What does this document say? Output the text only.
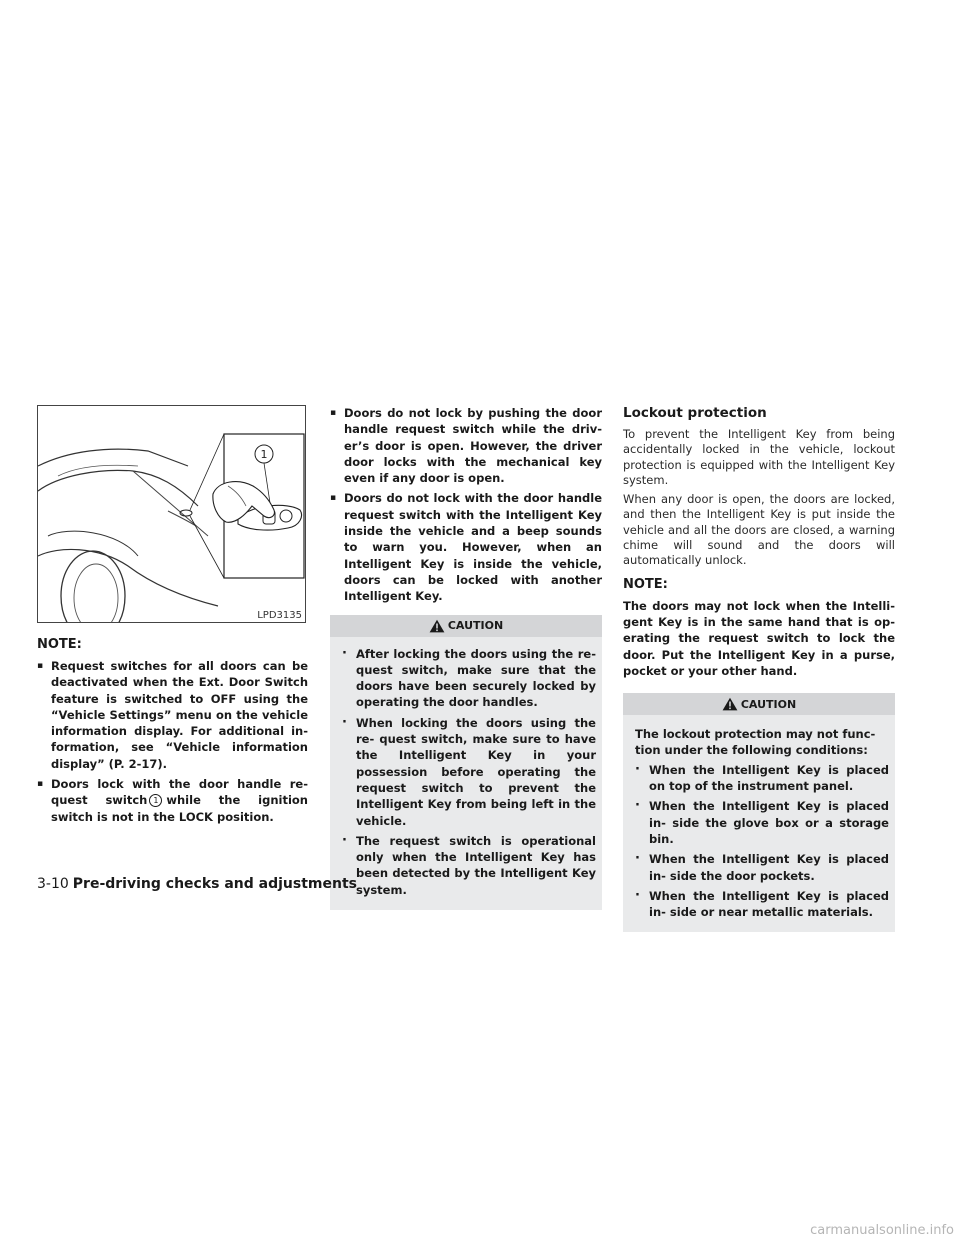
1
LPD3135
NOTE:
▪ Request switches for all doors can be deactivated when the Ext. Door Switch feature is switched to OFF using the “Vehicle Settings” menu on the vehicle information display. For additional in- formation, see “Vehicle information display” (P. 2-17).
▪ Doors lock with the door handle re- quest switch 1 while the ignition switch is not in the LOCK position.
▪ Doors do not lock by pushing the door handle request switch while the driv- er’s door is open. However, the driver door locks with the mechanical key even if any door is open.
▪ Doors do not lock with the door handle request switch with the Intelligent Key inside the vehicle and a beep sounds to warn you. However, when an Intelligent Key is inside the vehicle, doors can be locked with another Intelligent Key.
CAUTION
· After locking the doors using the re- quest switch, make sure that the doors have been securely locked by operating the door handles.
· When locking the doors using the re- quest switch, make sure to have the Intelligent Key in your possession before operating the request switch to prevent the Intelligent Key from being left in the vehicle.
· The request switch is operational only when the Intelligent Key has been detected by the Intelligent Key system.
Lockout protection

To prevent the Intelligent Key from being accidentally locked in the vehicle, lockout protection is equipped with the Intelligent Key system.

When any door is open, the doors are locked, and then the Intelligent Key is put inside the vehicle and all the doors are closed, a warning chime will sound and the doors will automatically unlock.

NOTE:

The doors may not lock when the Intelli- gent Key is in the same hand that is op- erating the request switch to lock the door. Put the Intelligent Key in a purse, pocket or your other hand.

CAUTION

The lockout protection may not func- tion under the following conditions:

· When the Intelligent Key is placed on top of the instrument panel.
· When the Intelligent Key is placed in- side the glove box or a storage bin.
· When the Intelligent Key is placed in- side the door pockets.
· When the Intelligent Key is placed in- side or near metallic materials.
3-10 Pre-driving checks and adjustments
carmanualsonline.info
